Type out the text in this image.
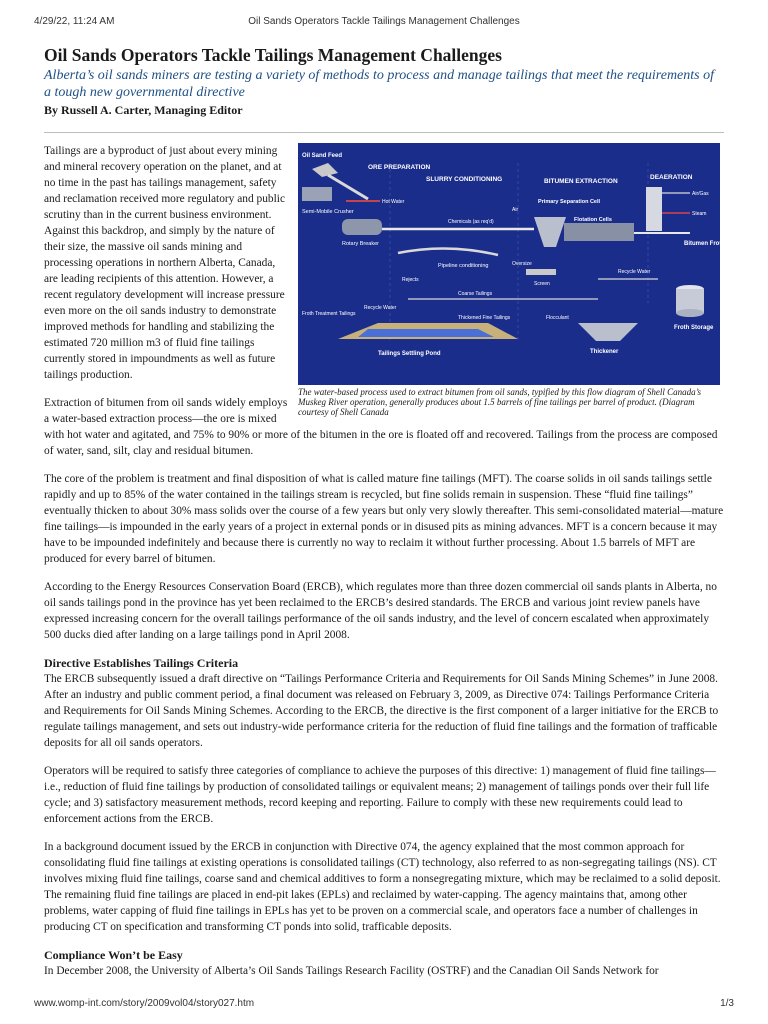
4/29/22, 11:24 AM	Oil Sands Operators Tackle Tailings Management Challenges
Oil Sands Operators Tackle Tailings Management Challenges
Alberta’s oil sands miners are testing a variety of methods to process and manage tailings that meet the requirements of a tough new governmental directive
By Russell A. Carter, Managing Editor
Oil Sand Feed
ORE PREPARATION
SLURRY CONDITIONING	BITUMEN EXTRACTION
DEAERATION
Semi-Mobile Crusher
Hot Water
Rotary Breaker
Chemicals (as req'd)
Pipeline conditioning
Rejects
Air
Primary Separation Cell
Flotation Cells
Oversize
Screen
Air/Gas
Steam
Bitumen Froth
Recycle Water
Coarse Tailings
Recycle Water
Froth Treatment Tailings
Tailings Settling Pond
Thickened Fine Tailings	Flocculant
Thickener
Froth Storage
The water-based process used to extract bitumen from oil sands, typified by this flow diagram of Shell Canada’s Muskeg River operation, generally produces about 1.5 barrels of fine tailings per barrel of product. (Diagram courtesy of Shell Canada

Tailings are a byproduct of just about every mining and mineral recovery operation on the planet, and at no time in the past has tailings management, safety and reclamation received more regulatory and public scrutiny than in the current business environment. Against this backdrop, and simply by the nature of their size, the massive oil sands mining and processing operations in northern Alberta, Canada, are leading recipients of this attention. However, a recent regulatory development will increase pressure even more on the oil sands industry to demonstrate improved methods for handling and stabilizing the estimated 720 million m3 of fluid fine tailings currently stored in impoundments as well as future tailings production.

Extraction of bitumen from oil sands widely employs a water-based extraction process—the ore is mixed with hot water and agitated, and 75% to 90% or more of the bitumen in the ore is floated off and recovered. Tailings from the process are composed of water, sand, silt, clay and residual bitumen.

The core of the problem is treatment and final disposition of what is called mature fine tailings (MFT). The coarse solids in oil sands tailings settle rapidly and up to 85% of the water contained in the tailings stream is recycled, but fine solids remain in suspension. These “fluid fine tailings” eventually thicken to about 30% mass solids over the course of a few years but only very slowly thereafter. This semi-consolidated material—mature fine tailings—is impounded in the early years of a project in external ponds or in disused pits as mining advances. MFT is a concern because it may have to be impounded indefinitely and because there is currently no way to reclaim it without further processing. About 1.5 barrels of MFT are produced for every barrel of bitumen.

According to the Energy Resources Conservation Board (ERCB), which regulates more than three dozen commercial oil sands plants in Alberta, no oil sands tailings pond in the province has yet been reclaimed to the ERCB’s desired standards. The ERCB and various joint review panels have expressed increasing concern for the overall tailings performance of the oil sands industry, and the level of concern escalated when approximately 500 ducks died after landing on a large tailings pond in April 2008.

Directive Establishes Tailings Criteria

The ERCB subsequently issued a draft directive on “Tailings Performance Criteria and Requirements for Oil Sands Mining Schemes” in June 2008. After an industry and public comment period, a final document was released on February 3, 2009, as Directive 074: Tailings Performance Criteria and Requirements for Oil Sands Mining Schemes. According to the ERCB, the directive is the first component of a larger initiative for the ERCB to regulate tailings management, and sets out industry-wide performance criteria for the reduction of fluid fine tailings and the formation of trafficable deposits for all oil sands operators.

Operators will be required to satisfy three categories of compliance to achieve the purposes of this directive: 1) management of fluid fine tailings—i.e., reduction of fluid fine tailings by production of consolidated tailings or equivalent means; 2) management of tailings ponds over their full life cycle; and 3) satisfactory measurement methods, record keeping and reporting. Failure to comply with these new requirements could lead to enforcement actions from the ERCB.

In a background document issued by the ERCB in conjunction with Directive 074, the agency explained that the most common approach for consolidating fluid fine tailings at existing operations is consolidated tailings (CT) technology, also referred to as non-segregating tailings (NS). CT involves mixing fluid fine tailings, coarse sand and chemical additives to form a nonsegregating mixture, which may be reclaimed to a solid deposit. The remaining fluid fine tailings are placed in end-pit lakes (EPLs) and reclaimed by water-capping. The agency maintains that, among other problems, water capping of fluid fine tailings in EPLs has yet to be proven on a commercial scale, and operators face a number of challenges in producing CT on specification and transforming CT ponds into solid, trafficable deposits.

Compliance Won’t be Easy

In December 2008, the University of Alberta’s Oil Sands Tailings Research Facility (OSTRF) and the Canadian Oil Sands Network for

www.womp-int.com/story/2009vol04/story027.htm	1/3
